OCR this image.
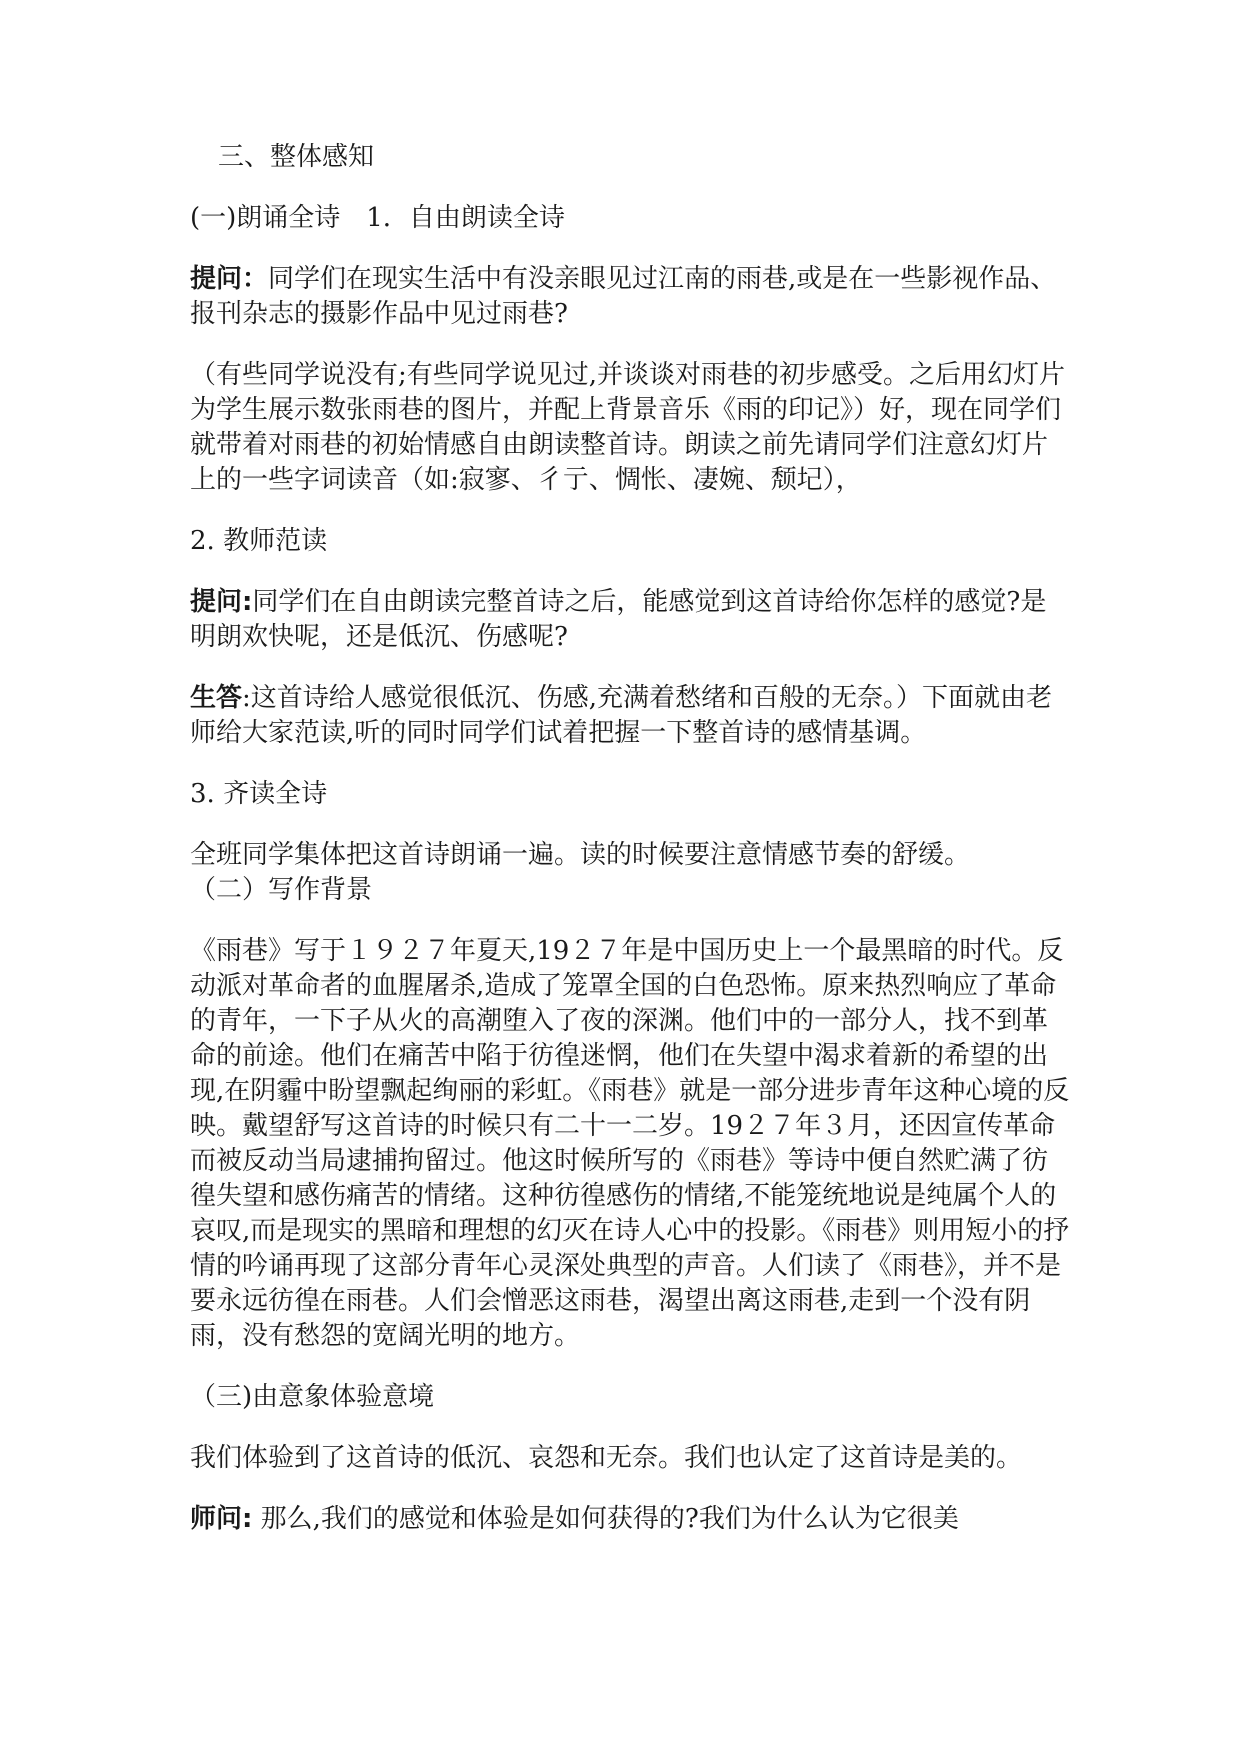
三、整体感知

(一)朗诵全诗　1．自由朗读全诗

提问：同学们在现实生活中有没亲眼见过江南的雨巷,或是在一些影视作品、报刊杂志的摄影作品中见过雨巷?

（有些同学说没有;有些同学说见过,并谈谈对雨巷的初步感受。之后用幻灯片为学生展示数张雨巷的图片，并配上背景音乐《雨的印记》）好，现在同学们就带着对雨巷的初始情感自由朗读整首诗。朗读之前先请同学们注意幻灯片上的一些字词读音（如:寂寥、彳亍、惆怅、凄婉、颓圮），

2. 教师范读

提问:同学们在自由朗读完整首诗之后，能感觉到这首诗给你怎样的感觉?是明朗欢快呢，还是低沉、伤感呢?

生答:这首诗给人感觉很低沉、伤感,充满着愁绪和百般的无奈。）下面就由老师给大家范读,听的同时同学们试着把握一下整首诗的感情基调。

3. 齐读全诗

全班同学集体把这首诗朗诵一遍。读的时候要注意情感节奏的舒缓。

（二）写作背景

《雨巷》写于１９２７年夏天,19２７年是中国历史上一个最黑暗的时代。反动派对革命者的血腥屠杀,造成了笼罩全国的白色恐怖。原来热烈响应了革命的青年，一下子从火的高潮堕入了夜的深渊。他们中的一部分人，找不到革命的前途。他们在痛苦中陷于彷徨迷惘，他们在失望中渴求着新的希望的出现,在阴霾中盼望飘起绚丽的彩虹。《雨巷》就是一部分进步青年这种心境的反映。戴望舒写这首诗的时候只有二十一二岁。19２７年３月，还因宣传革命而被反动当局逮捕拘留过。他这时候所写的《雨巷》等诗中便自然贮满了彷徨失望和感伤痛苦的情绪。这种彷徨感伤的情绪,不能笼统地说是纯属个人的哀叹,而是现实的黑暗和理想的幻灭在诗人心中的投影。《雨巷》则用短小的抒情的吟诵再现了这部分青年心灵深处典型的声音。人们读了《雨巷》，并不是要永远彷徨在雨巷。人们会憎恶这雨巷，渴望出离这雨巷,走到一个没有阴雨，没有愁怨的宽阔光明的地方。

（三)由意象体验意境

我们体验到了这首诗的低沉、哀怨和无奈。我们也认定了这首诗是美的。

师问: 那么,我们的感觉和体验是如何获得的?我们为什么认为它很美
